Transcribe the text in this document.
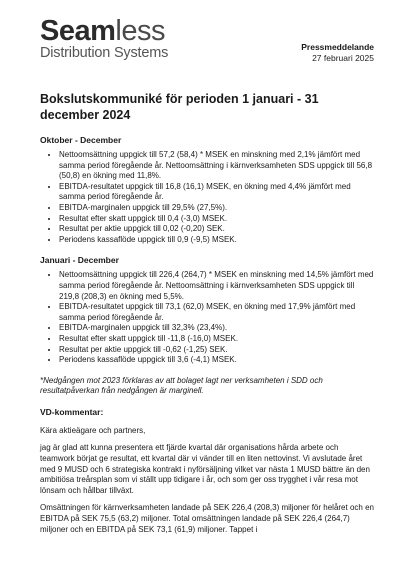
Seamless
Distribution Systems	Pressmeddelande
27 februari 2025
Bokslutskommuniké för perioden 1 januari - 31 december 2024
Oktober - December
• Nettoomsättning uppgick till 57,2 (58,4) * MSEK en minskning med 2,1% jämfört med samma period föregående år. Nettoomsättning i kärnverksamheten SDS uppgick till 56,8 (50,8) en ökning med 11,8%.
• EBITDA-resultatet uppgick till 16,8 (16,1) MSEK, en ökning med 4,4% jämfört med samma period föregående år.
• EBITDA-marginalen uppgick till 29,5% (27,5%).
• Resultat efter skatt uppgick till 0,4 (-3,0) MSEK.
• Resultat per aktie uppgick till 0,02 (-0,20) SEK.
• Periodens kassaflöde uppgick till 0,9 (-9,5) MSEK.
Januari - December
• Nettoomsättning uppgick till 226,4 (264,7) * MSEK en minskning med 14,5% jämfört med samma period föregående år. Nettoomsättning i kärnverksamheten SDS uppgick till 219,8 (208,3) en ökning med 5,5%.
• EBITDA-resultatet uppgick till 73,1 (62,0) MSEK, en ökning med 17,9% jämfört med samma period föregående år.
• EBITDA-marginalen uppgick till 32,3% (23,4%).
• Resultat efter skatt uppgick till -11,8 (-16,0) MSEK.
• Resultat per aktie uppgick till -0,62 (-1,25) SEK.
• Periodens kassaflöde uppgick till 3,6 (-4,1) MSEK.

*Nedgången mot 2023 förklaras av att bolaget lagt ner verksamheten i SDD och resultatpåverkan från nedgången är marginell.

VD-kommentar:

Kära aktieägare och partners,

jag är glad att kunna presentera ett fjärde kvartal där organisations hårda arbete och teamwork börjat ge resultat, ett kvartal där vi vänder till en liten nettovinst. Vi avslutade året med 9 MUSD och 6 strategiska kontrakt i nyförsäljning vilket var nästa 1 MUSD bättre än den ambitiösa treårsplan som vi ställt upp tidigare i år, och som ger oss trygghet i vår resa mot lönsam och hållbar tillväxt.

Omsättningen för kärnverksamheten landade på SEK 226,4 (208,3) miljoner för helåret och en EBITDA på SEK 75,5 (63,2) miljoner. Total omsättningen landade på SEK 226,4 (264,7) miljoner och en EBITDA på SEK 73,1 (61,9) miljoner. Tappet i
